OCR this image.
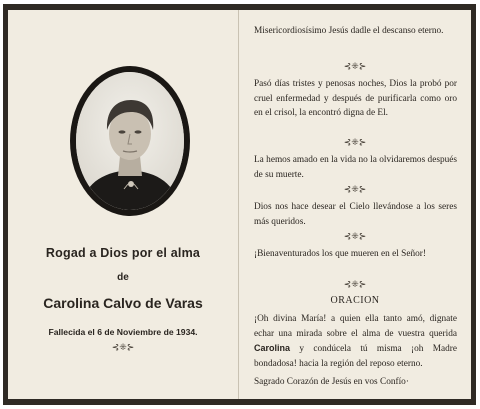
Rogad a Dios por el alma
de
Carolina Calvo de Varas
Fallecida el 6 de Noviembre de 1934.
⊰⁜⊱
Misericordiosísimo Jesús dadle el descanso eterno.
⊰⁜⊱
Pasó días tristes y penosas noches, Dios la probó por cruel enfermedad y después de purificarla como oro en el crisol, la encontró digna de El.
⊰⁜⊱
La hemos amado en la vida no la olvidaremos después de su muerte.
⊰⁜⊱
Dios nos hace desear el Cielo llevándose a los seres más queridos.
⊰⁜⊱
¡Bienaventurados los que mueren en el Señor!
⊰⁜⊱
ORACION
¡Oh divina María! a quien ella tanto amó, dignate echar una mirada sobre el alma de vuestra querida Carolina y condúcela tú misma ¡oh Madre bondadosa! hacia la región del reposo eterno.
Sagrado Corazón de Jesús en vos Confío·
